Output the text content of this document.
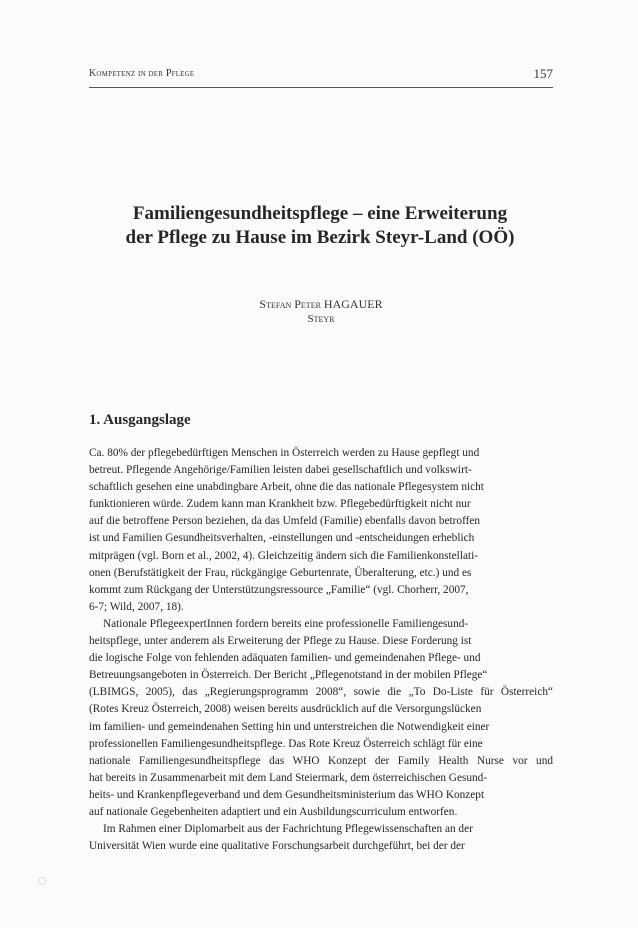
Kompetenz in der Pflege	157
Familiengesundheitspflege – eine Erweiterung
der Pflege zu Hause im Bezirk Steyr-Land (OÖ)
Stefan Peter HAGAUER
Steyr
1. Ausgangslage
Ca. 80% der pflegebedürftigen Menschen in Österreich werden zu Hause gepflegt und
betreut. Pflegende Angehörige/Familien leisten dabei gesellschaftlich und volkswirt-
schaftlich gesehen eine unabdingbare Arbeit, ohne die das nationale Pflegesystem nicht
funktionieren würde. Zudem kann man Krankheit bzw. Pflegebedürftigkeit nicht nur
auf die betroffene Person beziehen, da das Umfeld (Familie) ebenfalls davon betroffen
ist und Familien Gesundheitsverhalten, -einstellungen und -entscheidungen erheblich
mitprägen (vgl. Born et al., 2002, 4). Gleichzeitig ändern sich die Familienkonstellati-
onen (Berufstätigkeit der Frau, rückgängige Geburtenrate, Überalterung, etc.) und es
kommt zum Rückgang der Unterstützungsressource „Familie“ (vgl. Chorherr, 2007,
6-7; Wild, 2007, 18).
Nationale PflegeexpertInnen fordern bereits eine professionelle Familiengesund-
heitspflege, unter anderem als Erweiterung der Pflege zu Hause. Diese Forderung ist
die logische Folge von fehlenden adäquaten familien- und gemeindenahen Pflege- und
Betreuungsangeboten in Österreich. Der Bericht „Pflegenotstand in der mobilen Pflege“
(LBIMGS, 2005), das „Regierungsprogramm 2008“, sowie die „To Do-Liste für Österreich“
(Rotes Kreuz Österreich, 2008) weisen bereits ausdrücklich auf die Versorgungslücken
im familien- und gemeindenahen Setting hin und unterstreichen die Notwendigkeit einer
professionellen Familiengesundheitspflege. Das Rote Kreuz Österreich schlägt für eine
nationale Familiengesundheitspflege das WHO Konzept der Family Health Nurse vor und
hat bereits in Zusammenarbeit mit dem Land Steiermark, dem österreichischen Gesund-
heits- und Krankenpflegeverband und dem Gesundheitsministerium das WHO Konzept
auf nationale Gegebenheiten adaptiert und ein Ausbildungscurriculum entworfen.
Im Rahmen einer Diplomarbeit aus der Fachrichtung Pflegewissenschaften an der
Universität Wien wurde eine qualitative Forschungsarbeit durchgeführt, bei der der
